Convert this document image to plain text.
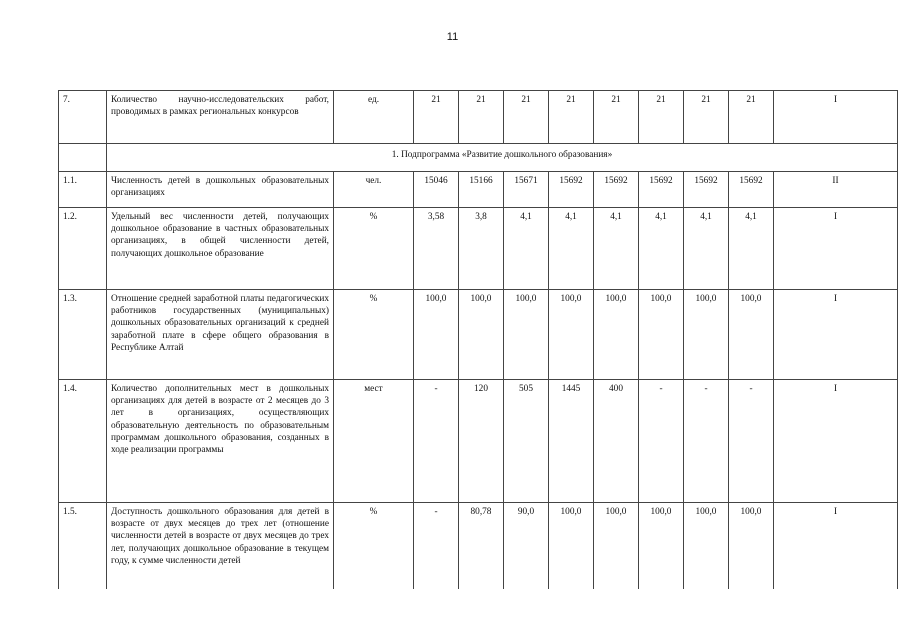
11
7.	Количество научно-исследовательских работ, проводимых в рамках региональных конкурсов	ед.	21	21	21	21	21	21	21	21	I
	1. Подпрограмма «Развитие дошкольного образования»										
1.1.	Численность детей в дошкольных образовательных организациях	чел.	15046	15166	15671	15692	15692	15692	15692	15692	II
1.2.	Удельный вес численности детей, получающих дошкольное образование в частных образовательных организациях, в общей численности детей, получающих дошкольное образование	%	3,58	3,8	4,1	4,1	4,1	4,1	4,1	4,1	I
1.3.	Отношение средней заработной платы педагогических работников государственных (муниципальных) дошкольных образовательных организаций к средней заработной плате в сфере общего образования в Республике Алтай	%	100,0	100,0	100,0	100,0	100,0	100,0	100,0	100,0	I
1.4.	Количество дополнительных мест в дошкольных организациях для детей в возрасте от 2 месяцев до 3 лет в организациях, осуществляющих образовательную деятельность по образовательным программам дошкольного образования, созданных в ходе реализации программы	мест	-	120	505	1445	400	-	-	-	I
1.5.	Доступность дошкольного образования для детей в возрасте от двух месяцев до трех лет (отношение численности детей в возрасте от двух месяцев до трех лет, получающих дошкольное образование в текущем году, к сумме численности детей	%	-	80,78	90,0	100,0	100,0	100,0	100,0	100,0	I
